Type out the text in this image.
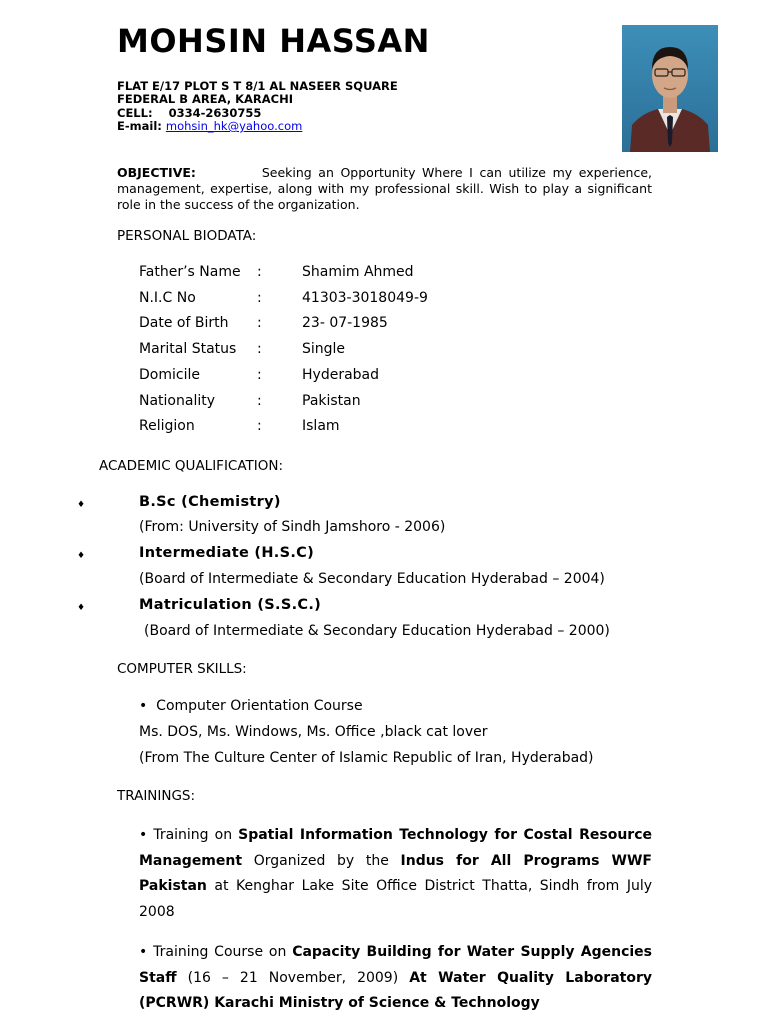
MOHSIN HASSAN
FLAT E/17 PLOT S T 8/1 AL NASEER SQUARE
FEDERAL B AREA, KARACHI
CELL: 0334-2630755
E-mail: mohsin_hk@yahoo.com
OBJECTIVE:	Seeking an Opportunity Where I can utilize my experience, management, expertise, along with my professional skill. Wish to play a significant role in the success of the organization.
PERSONAL BIODATA:
Father’s Name :	Shamim Ahmed
N.I.C No	:	41303-3018049-9
Date of Birth :	23- 07-1985
Marital Status :	Single
Domicile	:	Hyderabad
Nationality	:	Pakistan
Religion	:	Islam
ACADEMIC QUALIFICATION:
♦	B.Sc (Chemistry)
(From: University of Sindh Jamshoro - 2006)
♦	Intermediate (H.S.C)
(Board of Intermediate & Secondary Education Hyderabad – 2004)
♦	Matriculation (S.S.C.)
(Board of Intermediate & Secondary Education Hyderabad – 2000)
COMPUTER SKILLS:
• Computer Orientation Course
Ms. DOS, Ms. Windows, Ms. Office ,black cat lover
(From The Culture Center of Islamic Republic of Iran, Hyderabad)
TRAININGS:
• Training on Spatial Information Technology for Costal Resource Management Organized by the Indus for All Programs WWF Pakistan at Kenghar Lake Site Office District Thatta, Sindh from July 2008
• Training Course on Capacity Building for Water Supply Agencies Staff (16 – 21 November, 2009) At Water Quality Laboratory (PCRWR) Karachi Ministry of Science & Technology
